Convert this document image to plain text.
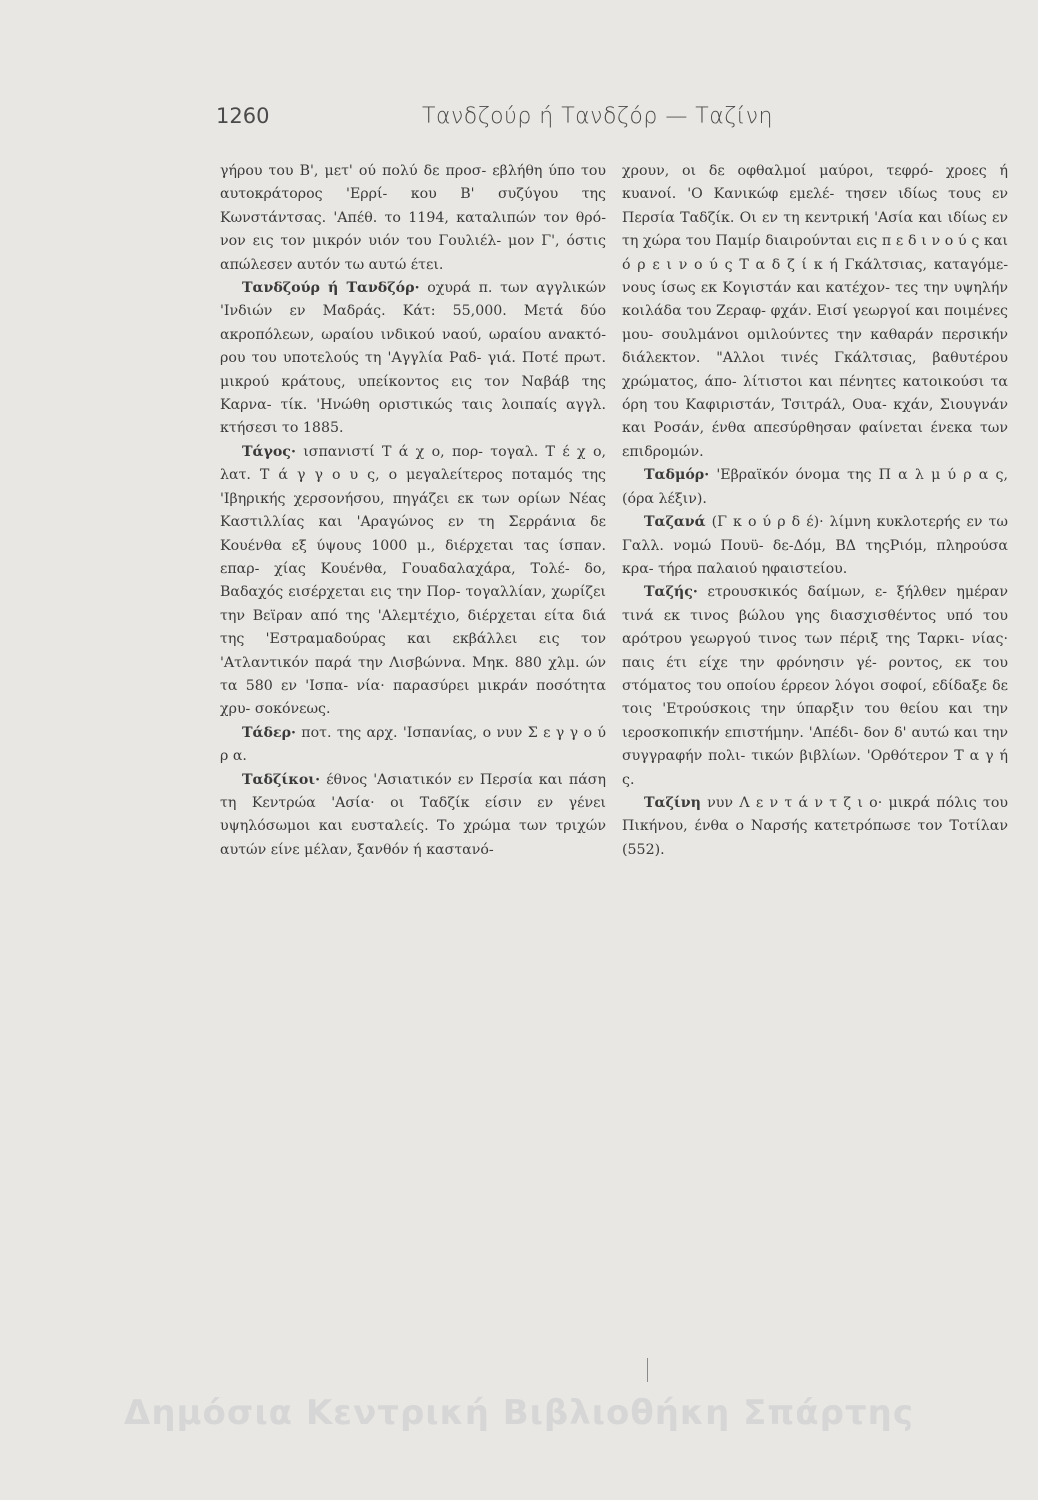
1260	Τανδζούρ ή Τανδζόρ — Ταζίνη

γήρου του Β', μετ' ού πολύ δε προσ- εβλήθη ύπο του αυτοκράτορος 'Ερρί- κου Β' συζύγου της Κωνστάντσας. 'Απέθ. το 1194, καταλιπών τον θρό- νον εις τον μικρόν υιόν του Γουλιέλ- μον Γ', όστις απώλεσεν αυτόν τω αυτώ έτει.

Τανδζούρ ή Τανδζόρ· οχυρά π. των αγγλικών 'Ινδιών εν Μαδράς. Κάτ: 55,000. Μετά δύο ακροπόλεων, ωραίου ινδικού ναού, ωραίου ανακτό- ρου του υποτελούς τη 'Αγγλία Ραδ- γιά. Ποτέ πρωτ. μικρού κράτους, υπείκοντος εις τον Ναβάβ της Καρνα- τίκ. 'Ηνώθη οριστικώς ταις λοιπαίς αγγλ. κτήσεσι το 1885.

Τάγος· ισπανιστί Τ ά χ ο, πορ- τογαλ. Τ έ χ ο, λατ. Τ ά γ γ ο υ ς, ο μεγαλείτερος ποταμός της 'Ιβηρικής χερσονήσου, πηγάζει εκ των ορίων Νέας Καστιλλίας και 'Αραγώνος εν τη Σερράνια δε Κουένθα εξ ύψους 1000 μ., διέρχεται τας ίσπαν. επαρ- χίας Κουένθα, Γουαδαλαχάρα, Τολέ- δο, Βαδαχός εισέρχεται εις την Πορ- τογαλλίαν, χωρίζει την Βεϊραν από της 'Αλεμτέχιο, διέρχεται είτα διά της 'Εστραμαδούρας και εκβάλλει εις τον 'Ατλαντικόν παρά την Λισβώννα. Μηκ. 880 χλμ. ών τα 580 εν 'Ισπα- νία· παρασύρει μικράν ποσότητα χρυ- σοκόνεως.

Τάδερ· ποτ. της αρχ. 'Ισπανίας, ο νυν Σ ε γ γ ο ύ ρ α.

Ταδζίκοι· έθνος 'Ασιατικόν εν Περσία και πάση τη Κεντρώα 'Ασία· οι Ταδζίκ είσιν εν γένει υψηλόσωμοι και ευσταλείς. Το χρώμα των τριχών αυτών είνε μέλαν, ξανθόν ή καστανό-

χρουν, οι δε οφθαλμοί μαύροι, τεφρό- χροες ή κυανοί. 'Ο Κανικώφ εμελέ- τησεν ιδίως τους εν Περσία Ταδζίκ. Οι εν τη κεντρική 'Ασία και ιδίως εν τη χώρα του Παμίρ διαιρούνται εις π ε δ ι ν ο ύ ς και ό ρ ε ι ν ο ύ ς Τ α δ ζ ί κ ή Γκάλτσιας, καταγόμε- νους ίσως εκ Κογιστάν και κατέχον- τες την υψηλήν κοιλάδα του Ζεραφ- φχάν. Εισί γεωργοί και ποιμένες μου- σουλμάνοι ομιλούντες την καθαράν περσικήν διάλεκτον. "Αλλοι τινές Γκάλτσιας, βαθυτέρου χρώματος, άπο- λίτιστοι και πένητες κατοικούσι τα όρη του Καφιριστάν, Τσιτράλ, Ουα- κχάν, Σιουγνάν και Ροσάν, ένθα απεσύρθησαν φαίνεται ένεκα των επιδρομών.

Ταδμόρ· 'Εβραϊκόν όνομα της Π α λ μ ύ ρ α ς, (όρα λέξιν).

Ταζανά (Γ κ ο ύ ρ δ έ)· λίμνη κυκλοτερής εν τω Γαλλ. νομώ Πουϋ- δε-Δόμ, ΒΔ τηςΡιόμ, πληρούσα κρα- τήρα παλαιού ηφαιστείου.

Ταζής· ετρουσκικός δαίμων, ε- ξήλθεν ημέραν τινά εκ τινος βώλου γης διασχισθέντος υπό του αρότρου γεωργού τινος των πέριξ της Ταρκι- νίας· παις έτι είχε την φρόνησιν γέ- ροντος, εκ του στόματος του οποίου έρρεον λόγοι σοφοί, εδίδαξε δε τοις 'Ετρούσκοις την ύπαρξιν του θείου και την ιεροσκοπικήν επιστήμην. 'Απέδι- δον δ' αυτώ και την συγγραφήν πολι- τικών βιβλίων. 'Ορθότερον Τ α γ ή ς.

Ταζίνη νυν Λ ε ν τ ά ν τ ζ ι ο· μικρά πόλις του Πικήνου, ένθα ο Ναρσής κατετρόπωσε τον Τοτίλαν (552).

Δημόσια Κεντρική Βιβλιοθήκη Σπάρτης
